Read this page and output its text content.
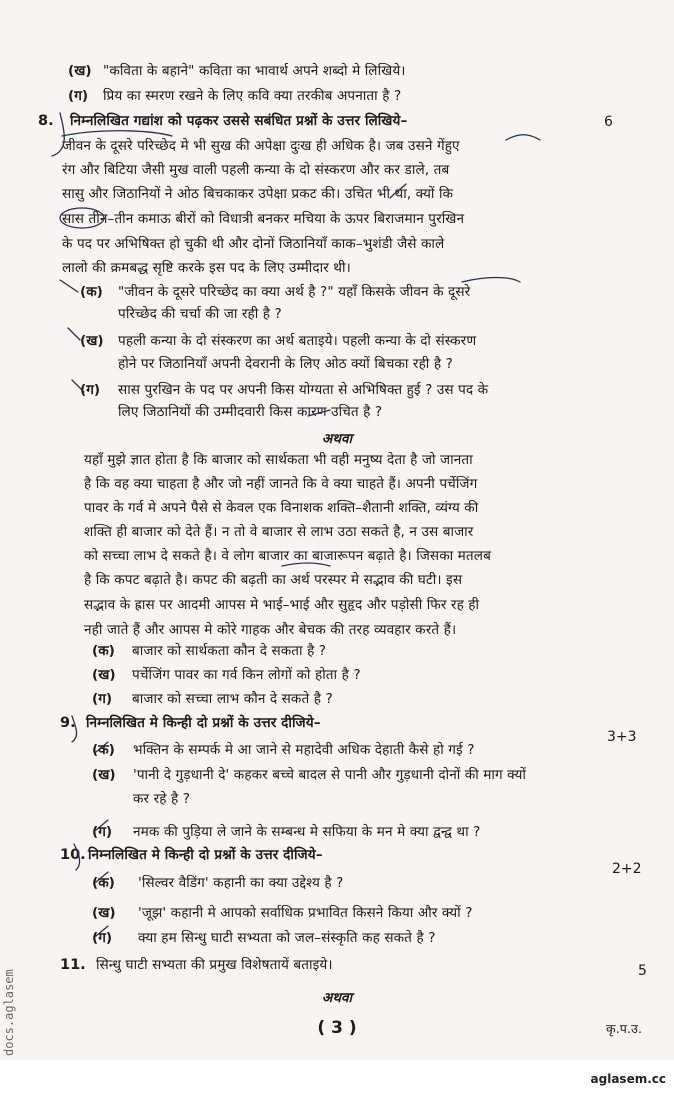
(ख) "कविता के बहाने" कविता का भावार्थ अपने शब्दो मे लिखिये।
(ग) प्रिय का स्मरण रखने के लिए कवि क्या तरकीब अपनाता है ?
8. निम्नलिखित गद्यांश को पढ़कर उससे सबंधित प्रश्नों के उत्तर लिखिये–	6
जीवन के दूसरे परिच्छेद मे भी सुख की अपेक्षा दुःख ही अधिक है। जब उसने गेंहुए
रंग और बिटिया जैसी मुख वाली पहली कन्या के दो संस्करण और कर डाले, तब
सासु और जिठानियों ने ओठ बिचकाकर उपेक्षा प्रकट की। उचित भी था, क्यों कि
सास तीन–तीन कमाऊ बीरों को विधात्री बनकर मचिया के ऊपर बिराजमान पुरखिन
के पद पर अभिषिक्त हो चुकी थी और दोनों जिठानियाँ काक–भुशंडी जैसे काले
लालो की क्रमबद्ध सृष्टि करके इस पद के लिए उम्मीदार थी।
(क) "जीवन के दूसरे परिच्छेद का क्या अर्थ है ?" यहाँ किसके जीवन के दूसरे
परिच्छेद की चर्चा की जा रही है ?
(ख) पहली कन्या के दो संस्करण का अर्थ बताइये। पहली कन्या के दो संस्करण
होने पर जिठानियाँ अपनी देवरानी के लिए ओठ क्यों बिचका रही है ?
(ग) सास पुरखिन के पद पर अपनी किस योग्यता से अभिषिक्त हुई ? उस पद के
लिए जिठानियों की उम्मीदवारी किस कारण उचित है ?
अथवा
यहाँ मुझे ज्ञात होता है कि बाजार को सार्थकता भी वही मनुष्य देता है जो जानता
है कि वह क्या चाहता है और जो नहीं जानते कि वे क्या चाहते हैं। अपनी पर्चेजिंग
पावर के गर्व मे अपने पैसे से केवल एक विनाशक शक्ति–शैतानी शक्ति, व्यंग्य की
शक्ति ही बाजार को देते हैं। न तो वे बाजार से लाभ उठा सकते है, न उस बाजार
को सच्चा लाभ दे सकते है। वे लोग बाजार का बाजारूपन बढ़ाते है। जिसका मतलब
है कि कपट बढ़ाते है। कपट की बढ़ती का अर्थ परस्पर मे सद्भाव की घटी। इस
सद्भाव के ह्रास पर आदमी आपस मे भाई–भाई और सुहृद और पड़ोसी फिर रह ही
नही जाते हैं और आपस मे कोरे गाहक और बेचक की तरह व्यवहार करते हैं।
(क) बाजार को सार्थकता कौन दे सकता है ?
(ख) पर्चेजिंग पावर का गर्व किन लोगों को होता है ?
(ग) बाजार को सच्चा लाभ कौन दे सकते है ?
9. निम्नलिखित मे किन्ही दो प्रश्नों के उत्तर दीजिये–
3+3
(क) भक्तिन के सम्पर्क मे आ जाने से महादेवी अधिक देहाती कैसे हो गई ?
(ख) 'पानी दे गुड़धानी दे' कहकर बच्चे बादल से पानी और गुड़धानी दोनों की माग क्यों
कर रहे है ?
(ग) नमक की पुड़िया ले जाने के सम्बन्ध मे सफिया के मन मे क्या द्वन्द्व था ?
10. निम्नलिखित मे किन्ही दो प्रश्नों के उत्तर दीजिये–
2+2
(क) 'सिल्वर वैडिंग' कहानी का क्या उद्देश्य है ?
(ख) 'जूझ' कहानी मे आपको सर्वाधिक प्रभावित किसने किया और क्यों ?
(ग) क्या हम सिन्धु घाटी सभ्यता को जल–संस्कृति कह सकते है ?
11. सिन्धु घाटी सभ्यता की प्रमुख विशेषतायें बताइये।	5
अथवा
( 3 )	कृ.प.उ.
docs.aglasem
aglasem.cc
